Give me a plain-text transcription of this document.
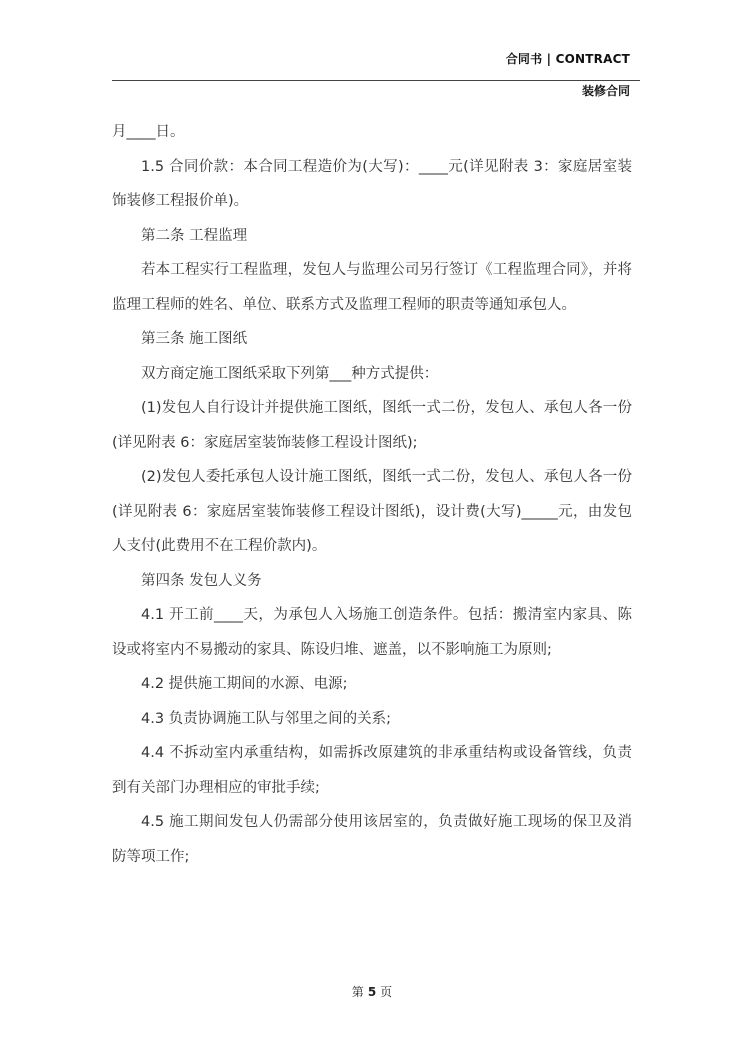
合同书 | CONTRACT
装修合同

月____日。

1.5 合同价款：本合同工程造价为(大写)：____元(详见附表 3：家庭居室装饰装修工程报价单)。

第二条 工程监理

若本工程实行工程监理，发包人与监理公司另行签订《工程监理合同》，并将监理工程师的姓名、单位、联系方式及监理工程师的职责等通知承包人。

第三条 施工图纸

双方商定施工图纸采取下列第___种方式提供：

(1)发包人自行设计并提供施工图纸，图纸一式二份，发包人、承包人各一份(详见附表 6：家庭居室装饰装修工程设计图纸);

(2)发包人委托承包人设计施工图纸，图纸一式二份，发包人、承包人各一份(详见附表 6：家庭居室装饰装修工程设计图纸)，设计费(大写)_____元，由发包人支付(此费用不在工程价款内)。

第四条 发包人义务

4.1 开工前____天，为承包人入场施工创造条件。包括：搬清室内家具、陈设或将室内不易搬动的家具、陈设归堆、遮盖，以不影响施工为原则;

4.2 提供施工期间的水源、电源;

4.3 负责协调施工队与邻里之间的关系;

4.4 不拆动室内承重结构，如需拆改原建筑的非承重结构或设备管线，负责到有关部门办理相应的审批手续;

4.5 施工期间发包人仍需部分使用该居室的，负责做好施工现场的保卫及消防等项工作;

第 5 页
